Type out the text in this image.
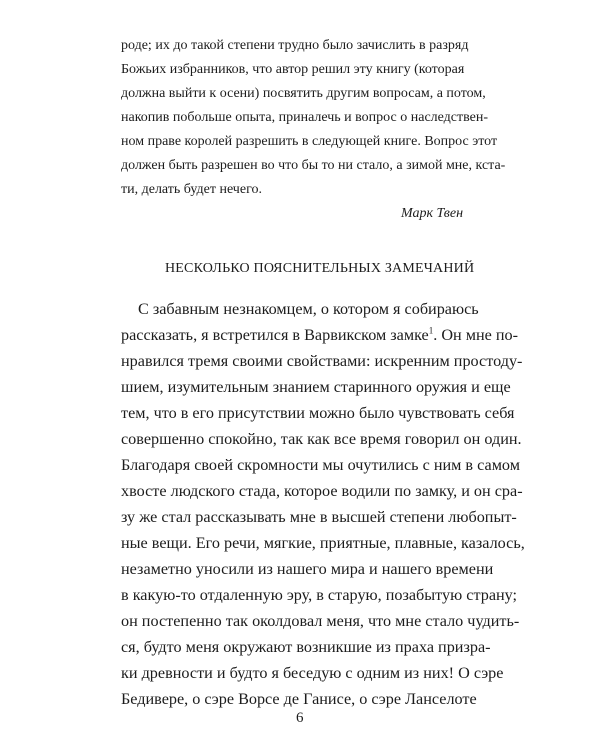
роде; их до такой степени трудно было зачислить в разряд

Божьих избранников, что автор решил эту книгу (которая

должна выйти к осени) посвятить другим вопросам, а потом,

накопив побольше опыта, приналечь и вопрос о наследствен-

ном праве королей разрешить в следующей книге. Вопрос этот

должен быть разрешен во что бы то ни стало, а зимой мне, кста-

ти, делать будет нечего.

Марк Твен

НЕСКОЛЬКО ПОЯСНИТЕЛЬНЫХ ЗАМЕЧАНИЙ

С забавным незнакомцем, о котором я собираюсь

рассказать, я встретился в Варвикском замке$^1$. Он мне по-

нравился тремя своими свойствами: искренним простоду-

шием, изумительным знанием старинного оружия и еще

тем, что в его присутствии можно было чувствовать себя

совершенно спокойно, так как все время говорил он один.

Благодаря своей скромности мы очутились с ним в самом

хвосте людского стада, которое водили по замку, и он сра-

зу же стал рассказывать мне в высшей степени любопыт-

ные вещи. Его речи, мягкие, приятные, плавные, казалось,

незаметно уносили из нашего мира и нашего времени

в какую-то отдаленную эру, в старую, позабытую страну;

он постепенно так околдовал меня, что мне стало чудить-

ся, будто меня окружают возникшие из праха призра-

ки древности и будто я беседую с одним из них! О сэре

Бедивере, о сэре Ворсе де Ганисе, о сэре Ланселоте

6
